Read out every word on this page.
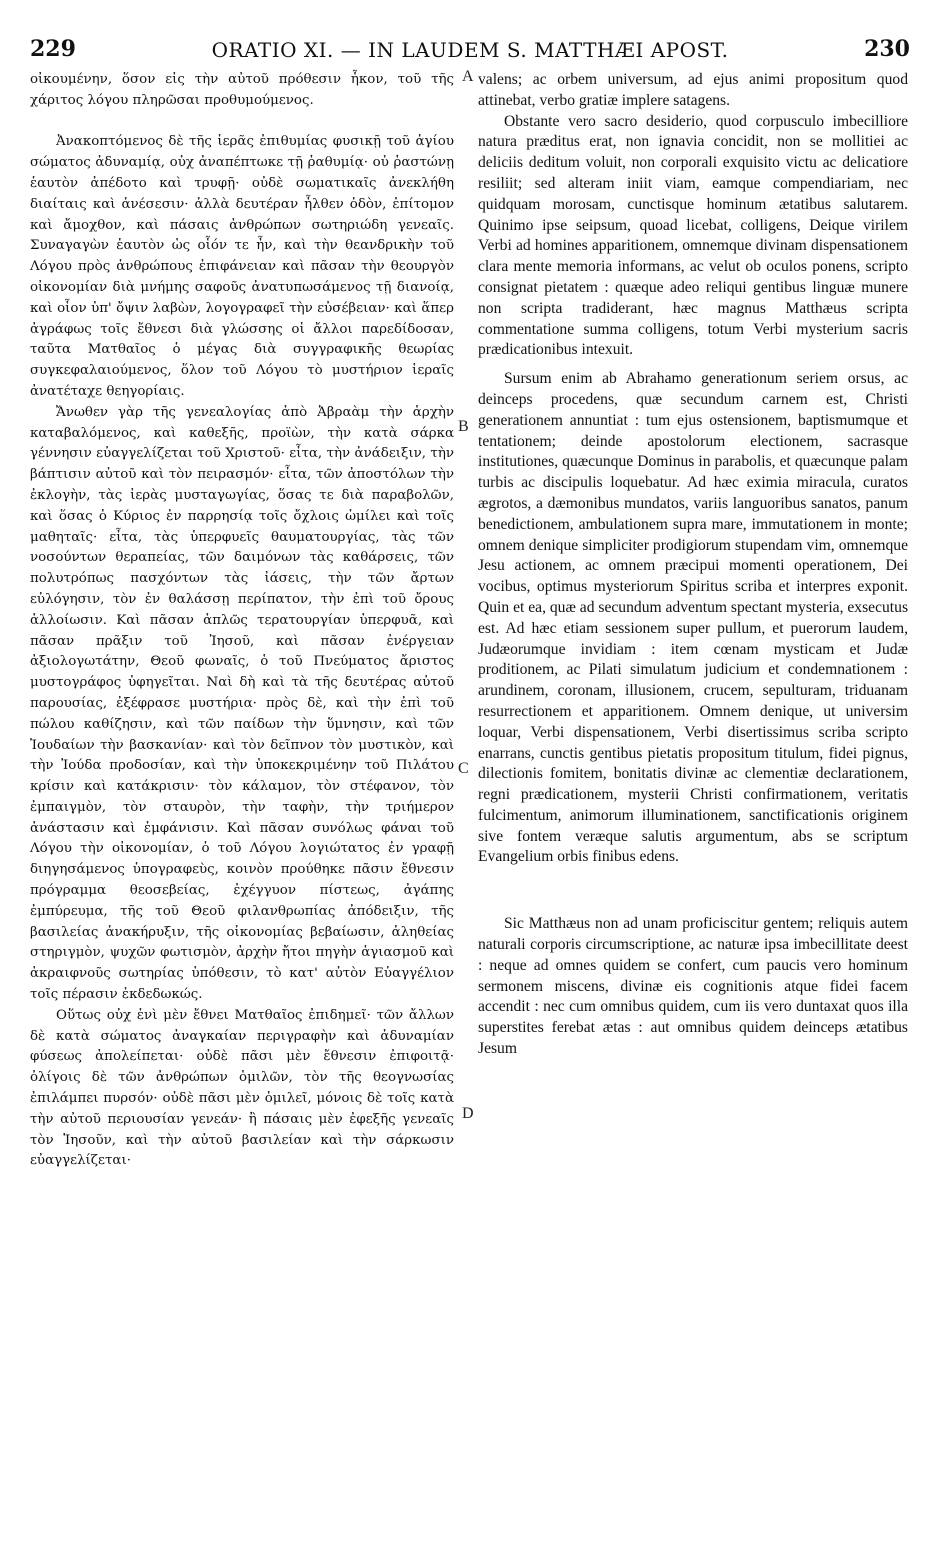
229	ORATIO XI. — IN LAUDEM S. MATTHÆI APOST.	230

οἰκουμένην, ὅσον εἰς τὴν αὐτοῦ πρόθεσιν ἧκον, τοῦ τῆς χάριτος λόγου πληρῶσαι προθυμούμενος.

Ἀνακοπτόμενος δὲ τῆς ἱερᾶς ἐπιθυμίας φυσικῇ τοῦ ἁγίου σώματος ἀδυναμίᾳ, οὐχ ἀναπέπτωκε τῇ ῥαθυμίᾳ· οὐ ῥαστώνῃ ἑαυτὸν ἀπέδοτο καὶ τρυφῇ· οὐδὲ σωματικαῖς ἀνεκλήθη διαίταις καὶ ἀνέσεσιν· ἀλλὰ δευτέραν ἦλθεν ὁδὸν, ἐπίτομον καὶ ἄμοχθον, καὶ πάσαις ἀνθρώπων σωτηριώδη γενεαῖς. Συναγαγὼν ἑαυτὸν ὡς οἷόν τε ἦν, καὶ τὴν θεανδρικὴν τοῦ Λόγου πρὸς ἀνθρώπους ἐπιφάνειαν καὶ πᾶσαν τὴν θεουργὸν οἰκονομίαν διὰ μνήμης σαφοῦς ἀνατυπωσάμενος τῇ διανοίᾳ, καὶ οἷον ὑπ' ὄψιν λαβὼν, λογογραφεῖ τὴν εὐσέβειαν· καὶ ἅπερ ἀγράφως τοῖς ἔθνεσι διὰ γλώσσης οἱ ἄλλοι παρεδίδοσαν, ταῦτα Ματθαῖος ὁ μέγας διὰ συγγραφικῆς θεωρίας συγκεφαλαιούμενος, ὅλον τοῦ Λόγου τὸ μυστήριον ἱεραῖς ἀνατέταχε θεηγορίαις.

Ἄνωθεν γὰρ τῆς γενεαλογίας ἀπὸ Ἀβραὰμ τὴν ἀρχὴν καταβαλόμενος, καὶ καθεξῆς, προϊὼν, τὴν κατὰ σάρκα γέννησιν εὐαγγελίζεται τοῦ Χριστοῦ· εἶτα, τὴν ἀνάδειξιν, τὴν βάπτισιν αὐτοῦ καὶ τὸν πειρασμόν· εἶτα, τῶν ἀποστόλων τὴν ἐκλογὴν, τὰς ἱερὰς μυσταγωγίας, ὅσας τε διὰ παραβολῶν, καὶ ὅσας ὁ Κύριος ἐν παρρησίᾳ τοῖς ὄχλοις ὡμίλει καὶ τοῖς μαθηταῖς· εἶτα, τὰς ὑπερφυεῖς θαυματουργίας, τὰς τῶν νοσούντων θεραπείας, τῶν δαιμόνων τὰς καθάρσεις, τῶν πολυτρόπως πασχόντων τὰς ἰάσεις, τὴν τῶν ἄρτων εὐλόγησιν, τὸν ἐν θαλάσσῃ περίπατον, τὴν ἐπὶ τοῦ ὄρους ἀλλοίωσιν. Καὶ πᾶσαν ἁπλῶς τερατουργίαν ὑπερφυᾶ, καὶ πᾶσαν πρᾶξιν τοῦ Ἰησοῦ, καὶ πᾶσαν ἐνέργειαν ἀξιολογωτάτην, Θεοῦ φωναῖς, ὁ τοῦ Πνεύματος ἄριστος μυστογράφος ὑφηγεῖται. Ναὶ δὴ καὶ τὰ τῆς δευτέρας αὐτοῦ παρουσίας, ἐξέφρασε μυστήρια· πρὸς δὲ, καὶ τὴν ἐπὶ τοῦ πώλου καθίζησιν, καὶ τῶν παίδων τὴν ὕμνησιν, καὶ τῶν Ἰουδαίων τὴν βασκανίαν· καὶ τὸν δεῖπνον τὸν μυστικὸν, καὶ τὴν Ἰούδα προδοσίαν, καὶ τὴν ὑποκεκριμένην τοῦ Πιλάτου κρίσιν καὶ κατάκρισιν· τὸν κάλαμον, τὸν στέφανον, τὸν ἐμπαιγμὸν, τὸν σταυρὸν, τὴν ταφὴν, τὴν τριήμερον ἀνάστασιν καὶ ἐμφάνισιν. Καὶ πᾶσαν συνόλως φάναι τοῦ Λόγου τὴν οἰκονομίαν, ὁ τοῦ Λόγου λογιώτατος ἐν γραφῇ διηγησάμενος ὑπογραφεὺς, κοινὸν προύθηκε πᾶσιν ἔθνεσιν πρόγραμμα θεοσεβείας, ἐχέγγυον πίστεως, ἀγάπης ἐμπύρευμα, τῆς τοῦ Θεοῦ φιλανθρωπίας ἀπόδειξιν, τῆς βασιλείας ἀνακήρυξιν, τῆς οἰκονομίας βεβαίωσιν, ἀληθείας στηριγμὸν, ψυχῶν φωτισμὸν, ἀρχὴν ἤτοι πηγὴν ἁγιασμοῦ καὶ ἀκραιφνοῦς σωτηρίας ὑπόθεσιν, τὸ κατ' αὐτὸν Εὐαγγέλιον τοῖς πέρασιν ἐκδεδωκώς.

Οὕτως οὐχ ἑνὶ μὲν ἔθνει Ματθαῖος ἐπιδημεῖ· τῶν ἄλλων δὲ κατὰ σώματος ἀναγκαίαν περιγραφὴν καὶ ἀδυναμίαν φύσεως ἀπολείπεται· οὐδὲ πᾶσι μὲν ἔθνεσιν ἐπιφοιτᾷ· ὀλίγοις δὲ τῶν ἀνθρώπων ὁμιλῶν, τὸν τῆς θεογνωσίας ἐπιλάμπει πυρσόν· οὐδὲ πᾶσι μὲν ὁμιλεῖ, μόνοις δὲ τοῖς κατὰ τὴν αὐτοῦ περιουσίαν γενεάν· ἢ πάσαις μὲν ἐφεξῆς γενεαῖς τὸν Ἰησοῦν, καὶ τὴν αὐτοῦ βασιλείαν καὶ τὴν σάρκωσιν εὐαγγελίζεται·

valens; ac orbem universum, ad ejus animi propositum quod attinebat, verbo gratiæ implere satagens.

Obstante vero sacro desiderio, quod corpusculo imbecilliore natura præditus erat, non ignavia concidit, non se mollitiei ac deliciis deditum voluit, non corporali exquisito victu ac delicatiore resiliit; sed alteram iniit viam, eamque compendiariam, nec quidquam morosam, cunctisque hominum ætatibus salutarem. Quinimo ipse seipsum, quoad licebat, colligens, Deique virilem Verbi ad homines apparitionem, omnemque divinam dispensationem clara mente memoria informans, ac velut ob oculos ponens, scripto consignat pietatem : quæque adeo reliqui gentibus linguæ munere non scripta tradiderant, hæc magnus Matthæus scripta commentatione summa colligens, totum Verbi mysterium sacris prædicationibus intexuit.

Sursum enim ab Abrahamo generationum seriem orsus, ac deinceps procedens, quæ secundum carnem est, Christi generationem annuntiat : tum ejus ostensionem, baptismumque et tentationem; deinde apostolorum electionem, sacrasque institutiones, quæcunque Dominus in parabolis, et quæcunque palam turbis ac discipulis loquebatur. Ad hæc eximia miracula, curatos ægrotos, a dæmonibus mundatos, variis languoribus sanatos, panum benedictionem, ambulationem supra mare, immutationem in monte; omnem denique simpliciter prodigiorum stupendam vim, omnemque Jesu actionem, ac omnem præcipui momenti operationem, Dei vocibus, optimus mysteriorum Spiritus scriba et interpres exponit. Quin et ea, quæ ad secundum adventum spectant mysteria, exsecutus est. Ad hæc etiam sessionem super pullum, et puerorum laudem, Judæorumque invidiam : item cœnam mysticam et Judæ proditionem, ac Pilati simulatum judicium et condemnationem : arundinem, coronam, illusionem, crucem, sepulturam, triduanam resurrectionem et apparitionem. Omnem denique, ut universim loquar, Verbi dispensationem, Verbi disertissimus scriba scripto enarrans, cunctis gentibus pietatis propositum titulum, fidei pignus, dilectionis fomitem, bonitatis divinæ ac clementiæ declarationem, regni prædicationem, mysterii Christi confirmationem, veritatis fulcimentum, animorum illuminationem, sanctificationis originem sive fontem veræque salutis argumentum, abs se scriptum Evangelium orbis finibus edens.

Sic Matthæus non ad unam proficiscitur gentem; reliquis autem naturali corporis circumscriptione, ac naturæ ipsa imbecillitate deest : neque ad omnes quidem se confert, cum paucis vero hominum sermonem miscens, divinæ eis cognitionis atque fidei facem accendit : nec cum omnibus quidem, cum iis vero duntaxat quos illa superstites ferebat ætas : aut omnibus quidem deinceps ætatibus Jesum

A
B
C
D
